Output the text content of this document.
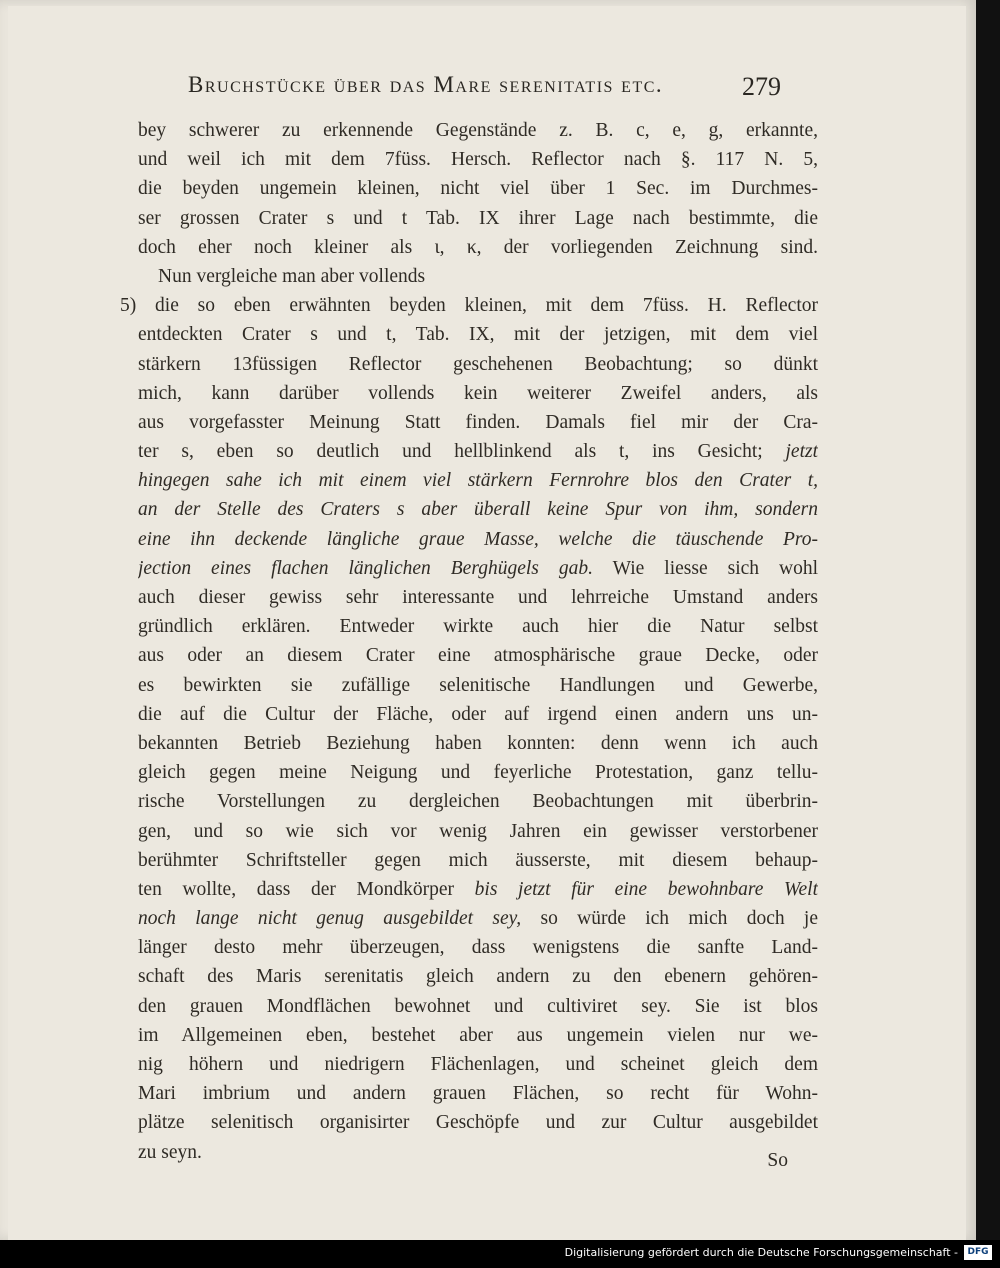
Bruchstücke über das Mare serenitatis etc.	279
bey schwerer zu erkennende Gegenstände z. B. c, e, g, erkannte,
und weil ich mit dem 7füss. Hersch. Reflector nach §. 117 N. 5,
die beyden ungemein kleinen, nicht viel über 1 Sec. im Durchmes-
ser grossen Crater s und t Tab. IX ihrer Lage nach bestimmte, die
doch eher noch kleiner als ι, κ, der vorliegenden Zeichnung sind.
Nun vergleiche man aber vollends
5) die so eben erwähnten beyden kleinen, mit dem 7füss. H. Reflector
entdeckten Crater s und t, Tab. IX, mit der jetzigen, mit dem viel
stärkern 13füssigen Reflector geschehenen Beobachtung; so dünkt
mich, kann darüber vollends kein weiterer Zweifel anders, als
aus vorgefasster Meinung Statt finden. Damals fiel mir der Cra-
ter s, eben so deutlich und hellblinkend als t, ins Gesicht; jetzt
hingegen sahe ich mit einem viel stärkern Fernrohre blos den Crater t,
an der Stelle des Craters s aber überall keine Spur von ihm, sondern
eine ihn deckende längliche graue Masse, welche die täuschende Pro-
jection eines flachen länglichen Berghügels gab. Wie liesse sich wohl
auch dieser gewiss sehr interessante und lehrreiche Umstand anders
gründlich erklären. Entweder wirkte auch hier die Natur selbst
aus oder an diesem Crater eine atmosphärische graue Decke, oder
es bewirkten sie zufällige selenitische Handlungen und Gewerbe,
die auf die Cultur der Fläche, oder auf irgend einen andern uns un-
bekannten Betrieb Beziehung haben konnten: denn wenn ich auch
gleich gegen meine Neigung und feyerliche Protestation, ganz tellu-
rische Vorstellungen zu dergleichen Beobachtungen mit überbrin-
gen, und so wie sich vor wenig Jahren ein gewisser verstorbener
berühmter Schriftsteller gegen mich äusserste, mit diesem behaup-
ten wollte, dass der Mondkörper bis jetzt für eine bewohnbare Welt
noch lange nicht genug ausgebildet sey, so würde ich mich doch je
länger desto mehr überzeugen, dass wenigstens die sanfte Land-
schaft des Maris serenitatis gleich andern zu den ebenern gehören-
den grauen Mondflächen bewohnet und cultiviret sey. Sie ist blos
im Allgemeinen eben, bestehet aber aus ungemein vielen nur we-
nig höhern und niedrigern Flächenlagen, und scheinet gleich dem
Mari imbrium und andern grauen Flächen, so recht für Wohn-
plätze selenitisch organisirter Geschöpfe und zur Cultur ausgebildet
zu seyn.	So
Digitalisierung gefördert durch die Deutsche Forschungsgemeinschaft -	DFG
